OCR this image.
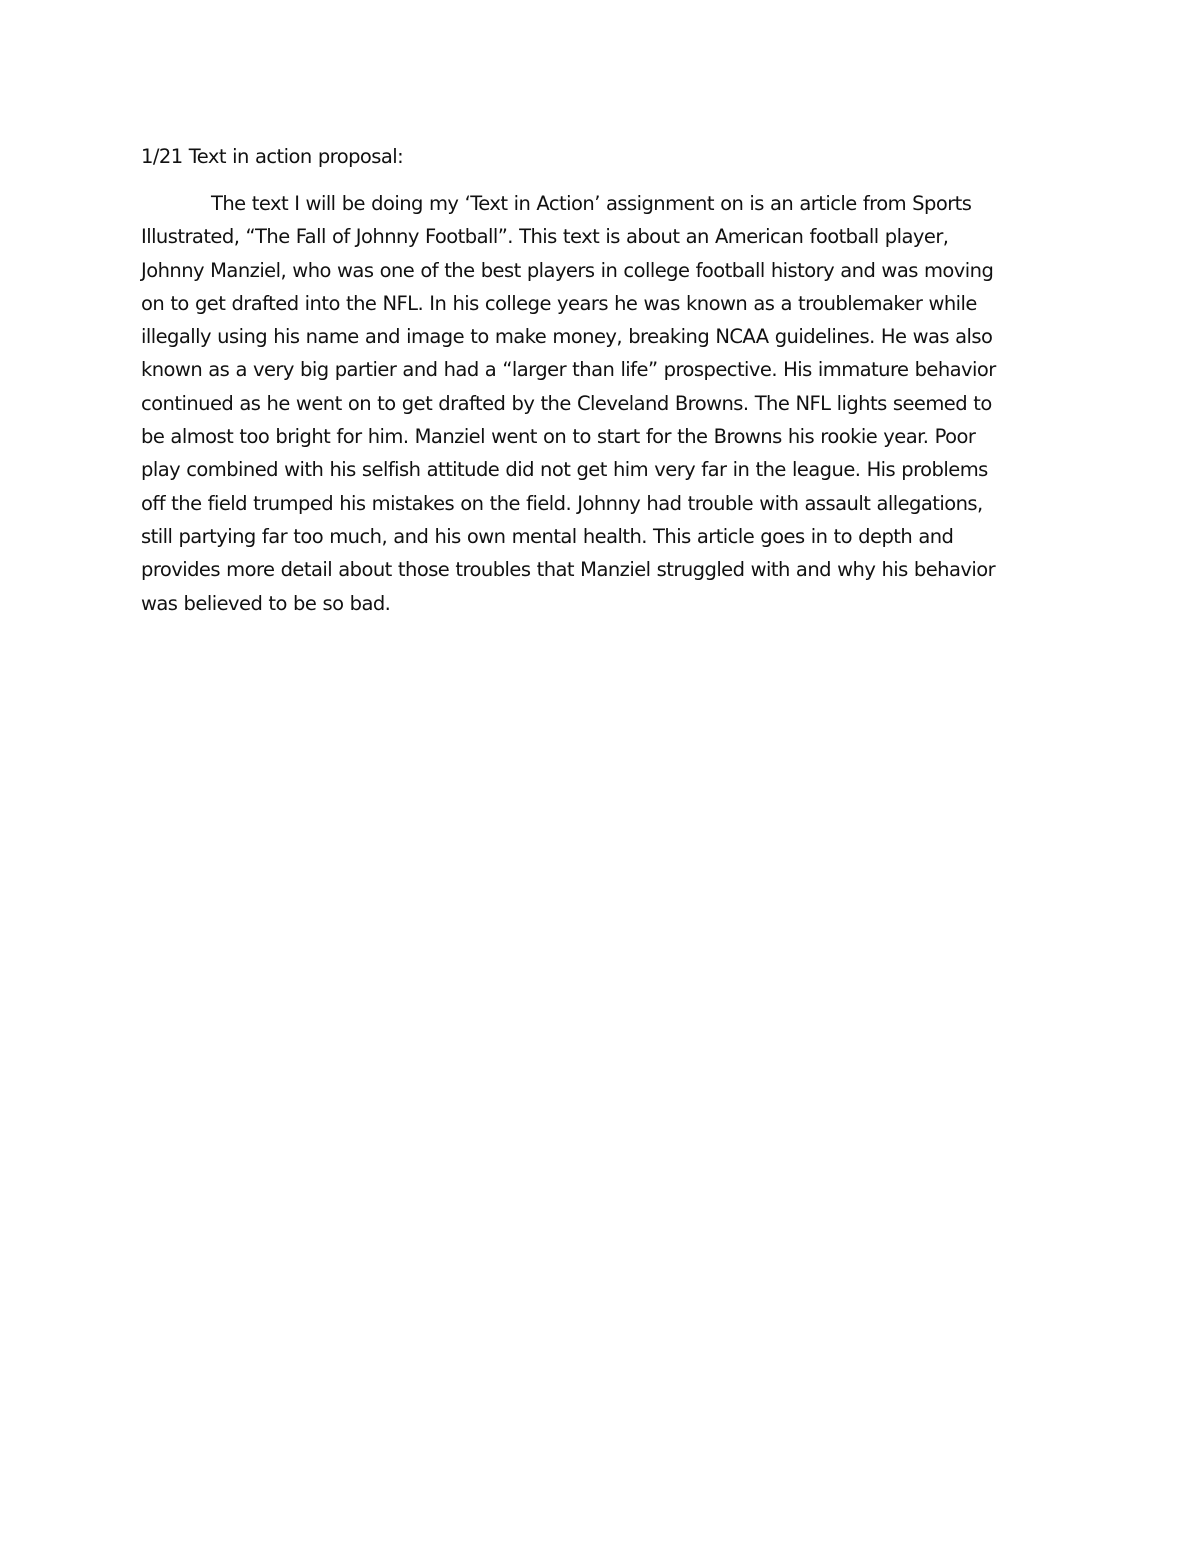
1/21 Text in action proposal:

The text I will be doing my ‘Text in Action’ assignment on is an article from Sports
Illustrated, “The Fall of Johnny Football”. This text is about an American football player,
Johnny Manziel, who was one of the best players in college football history and was moving
on to get drafted into the NFL. In his college years he was known as a troublemaker while
illegally using his name and image to make money, breaking NCAA guidelines. He was also
known as a very big partier and had a “larger than life” prospective. His immature behavior
continued as he went on to get drafted by the Cleveland Browns. The NFL lights seemed to
be almost too bright for him. Manziel went on to start for the Browns his rookie year. Poor
play combined with his selfish attitude did not get him very far in the league. His problems
off the field trumped his mistakes on the field. Johnny had trouble with assault allegations,
still partying far too much, and his own mental health. This article goes in to depth and
provides more detail about those troubles that Manziel struggled with and why his behavior
was believed to be so bad.
